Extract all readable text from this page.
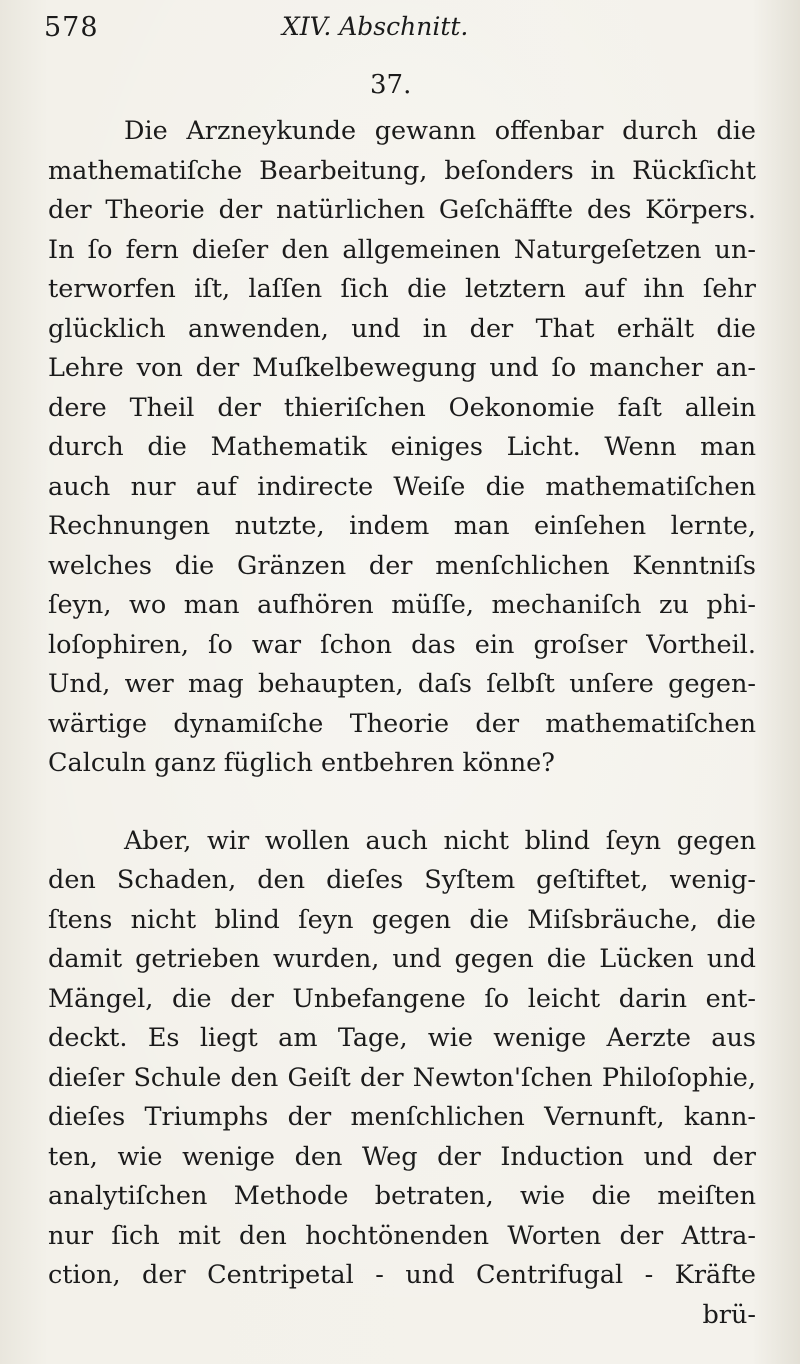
578	XIV. Abschnitt.
37.
Die Arzneykunde gewann offenbar durch die
mathematiſche Bearbeitung, beſonders in Rückſicht
der Theorie der natürlichen Geſchäffte des Körpers.
In ſo fern dieſer den allgemeinen Naturgeſetzen un-
terworfen iſt, laſſen ſich die letztern auf ihn ſehr
glücklich anwenden, und in der That erhält die
Lehre von der Muſkelbewegung und ſo mancher an-
dere Theil der thieriſchen Oekonomie faſt allein
durch die Mathematik einiges Licht. Wenn man
auch nur auf indirecte Weiſe die mathematiſchen
Rechnungen nutzte, indem man einſehen lernte,
welches die Gränzen der menſchlichen Kenntniſs
ſeyn, wo man aufhören müſſe, mechaniſch zu phi-
loſophiren, ſo war ſchon das ein groſser Vortheil.
Und, wer mag behaupten, daſs ſelbſt unſere gegen-
wärtige dynamiſche Theorie der mathematiſchen
Calculn ganz füglich entbehren könne?
Aber, wir wollen auch nicht blind ſeyn gegen
den Schaden, den dieſes Syſtem geſtiftet, wenig-
ſtens nicht blind ſeyn gegen die Miſsbräuche, die
damit getrieben wurden, und gegen die Lücken und
Mängel, die der Unbefangene ſo leicht darin ent-
deckt. Es liegt am Tage, wie wenige Aerzte aus
dieſer Schule den Geiſt der Newton'ſchen Philoſophie,
dieſes Triumphs der menſchlichen Vernunft, kann-
ten, wie wenige den Weg der Induction und der
analytiſchen Methode betraten, wie die meiſten
nur ſich mit den hochtönenden Worten der Attra-
ction, der Centripetal - und Centrifugal - Kräfte
brü-
